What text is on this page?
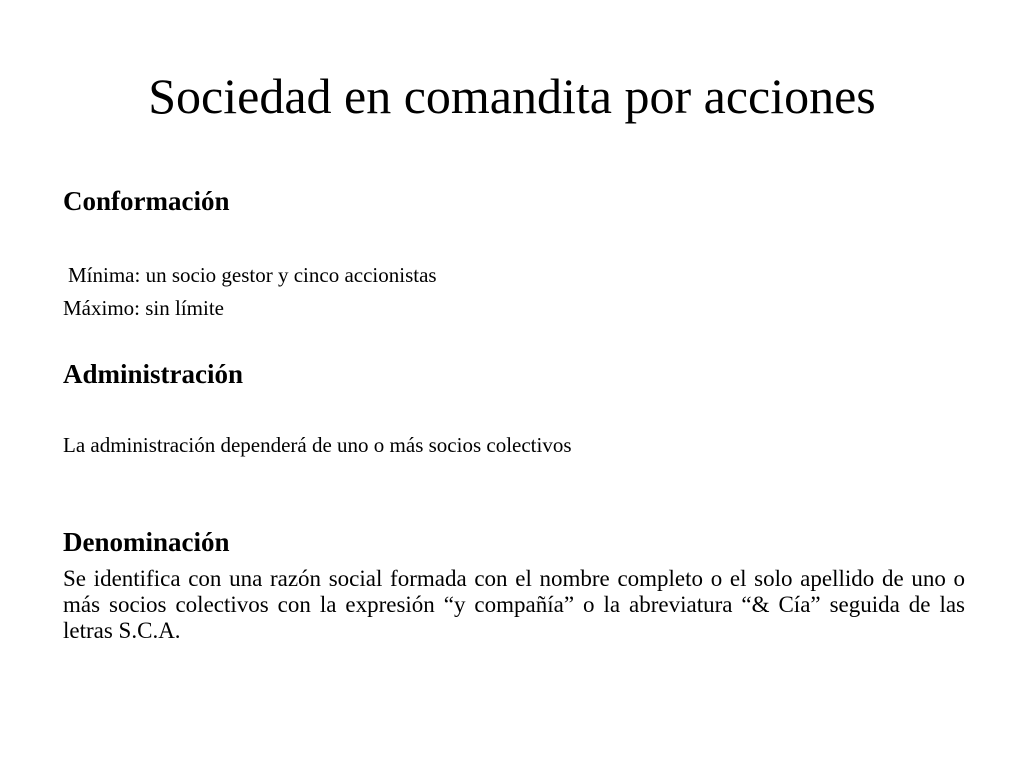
Sociedad en comandita por acciones
Conformación

Mínima: un socio gestor y cinco accionistas

Máximo: sin límite

Administración

La administración dependerá de uno o más socios colectivos

Denominación

Se identifica con una razón social formada con el nombre completo o el solo apellido de uno o más socios colectivos con la expresión “y compañía” o la abreviatura “& Cía” seguida de las letras S.C.A.
